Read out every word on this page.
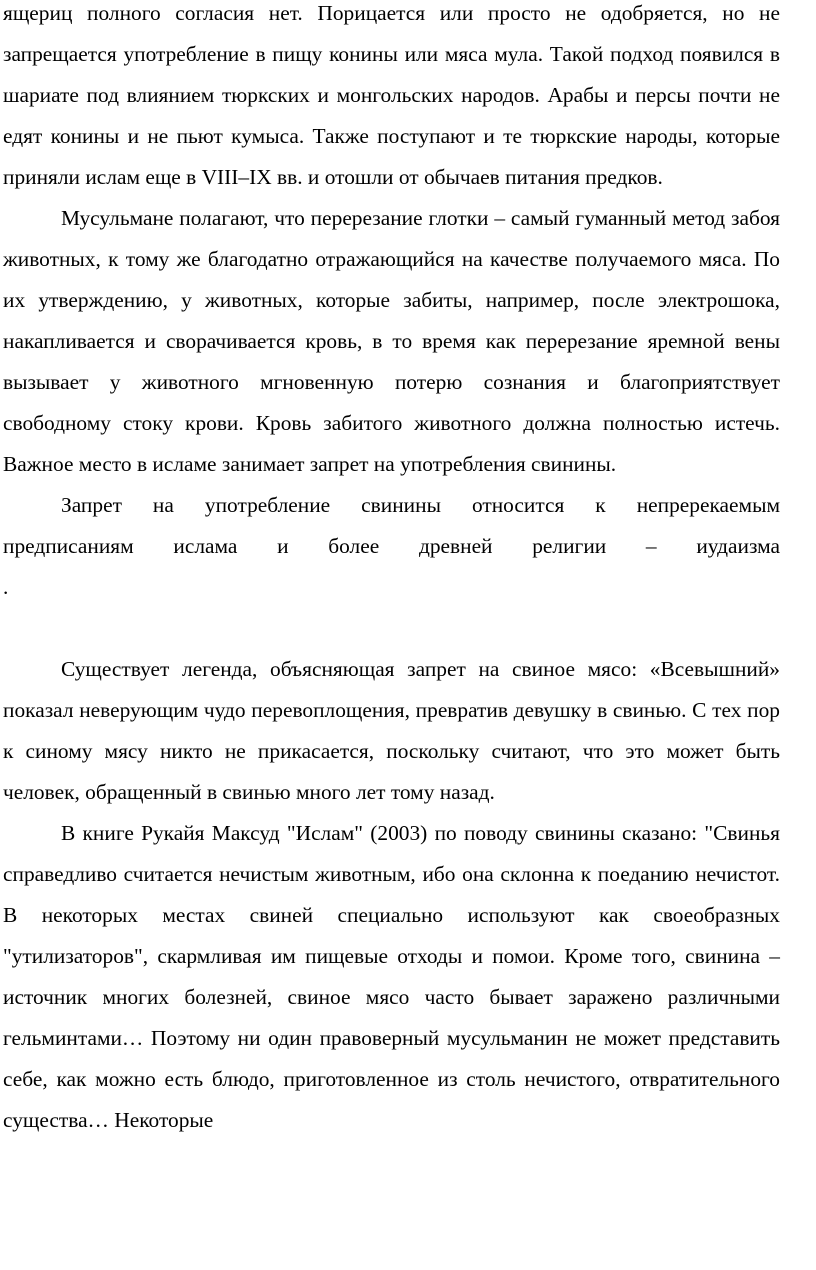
ящериц полного согласия нет. Порицается или просто не одобряется, но не запрещается употребление в пищу конины или мяса мула. Такой подход появился в шариате под влиянием тюркских и монгольских народов. Арабы и персы почти не едят конины и не пьют кумыса. Также поступают и те тюркские народы, которые приняли ислам еще в VIII–IX вв. и отошли от обычаев питания предков.

Мусульмане полагают, что перерезание глотки – самый гуманный метод забоя животных, к тому же благодатно отражающийся на качестве получаемого мяса. По их утверждению, у животных, которые забиты, например, после электрошока, накапливается и сворачивается кровь, в то время как перерезание яремной вены вызывает у животного мгновенную потерю сознания и благоприятствует свободному стоку крови. Кровь забитого животного должна полностью истечь. Важное место в исламе занимает запрет на употребления свинины.

Запрет на употребление свинины относится к непререкаемым
предписаниям ислама и более древней религии – иудаизма
.

Существует легенда, объясняющая запрет на свиное мясо: «Всевышний» показал неверующим чудо перевоплощения, превратив девушку в свинью. С тех пор к синому мясу никто не прикасается, поскольку считают, что это может быть человек, обращенный в свинью много лет тому назад.

В книге Рукайя Максуд "Ислам" (2003) по поводу свинины сказано: "Свинья справедливо считается нечистым животным, ибо она склонна к поеданию нечистот. В некоторых местах свиней специально используют как своеобразных "утилизаторов", скармливая им пищевые отходы и помои. Кроме того, свинина – источник многих болезней, свиное мясо часто бывает заражено различными гельминтами… Поэтому ни один правоверный мусульманин не может представить себе, как можно есть блюдо, приготовленное из столь нечистого, отвратительного существа… Некоторые
